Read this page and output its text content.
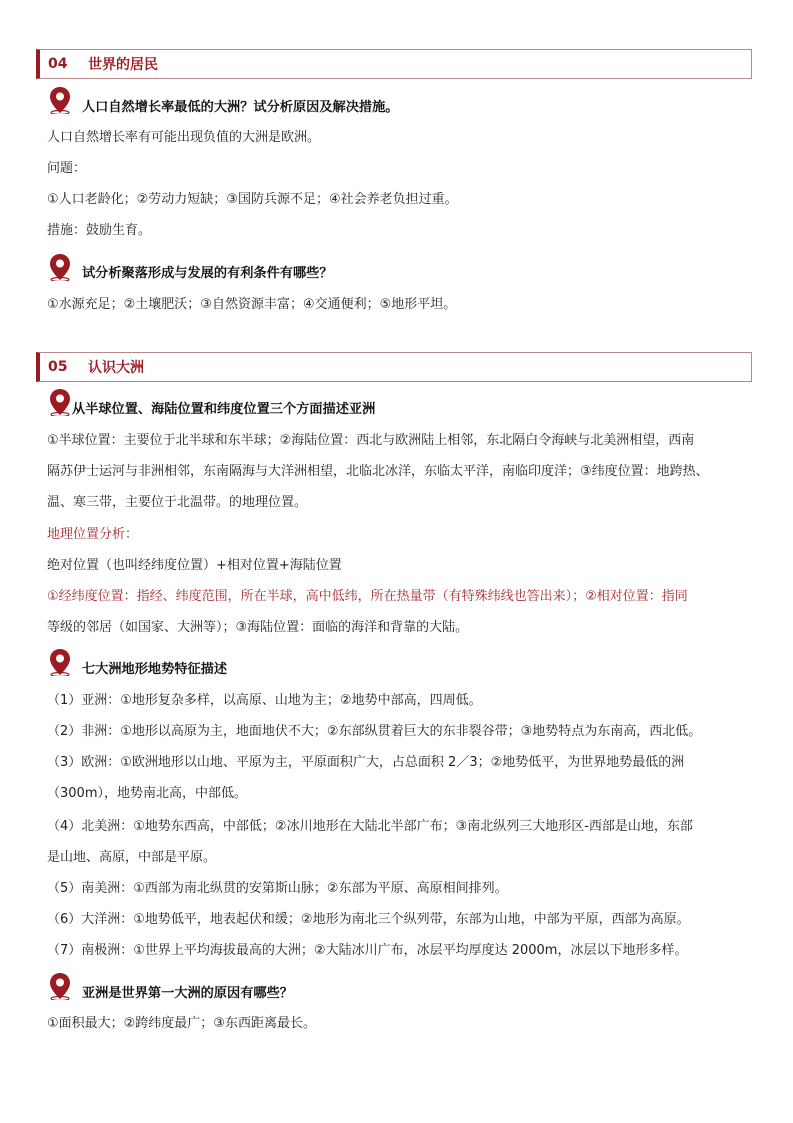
04	世界的居民
人口自然增长率最低的大洲？试分析原因及解决措施。
人口自然增长率有可能出现负值的大洲是欧洲。
问题：
①人口老龄化；②劳动力短缺；③国防兵源不足；④社会养老负担过重。
措施：鼓励生育。
试分析聚落形成与发展的有利条件有哪些？
①水源充足；②土壤肥沃；③自然资源丰富；④交通便利；⑤地形平坦。
05	认识大洲
从半球位置、海陆位置和纬度位置三个方面描述亚洲
①半球位置：主要位于北半球和东半球；②海陆位置：西北与欧洲陆上相邻，东北隔白令海峡与北美洲相望，西南
隔苏伊士运河与非洲相邻，东南隔海与大洋洲相望，北临北冰洋，东临太平洋，南临印度洋；③纬度位置：地跨热、
温、寒三带，主要位于北温带。的地理位置。
地理位置分析：
绝对位置（也叫经纬度位置）+相对位置+海陆位置
①经纬度位置：指经、纬度范围，所在半球，高中低纬，所在热量带（有特殊纬线也答出来）；②相对位置：指同
等级的邻居（如国家、大洲等）；③海陆位置：面临的海洋和背靠的大陆。
七大洲地形地势特征描述
（1）亚洲：①地形复杂多样，以高原、山地为主；②地势中部高，四周低。
（2）非洲：①地形以高原为主，地面地伏不大；②东部纵贯着巨大的东非裂谷带；③地势特点为东南高，西北低。
（3）欧洲：①欧洲地形以山地、平原为主，平原面积广大，占总面积 2／3；②地势低平，为世界地势最低的洲
（300m），地势南北高，中部低。
（4）北美洲：①地势东西高，中部低；②冰川地形在大陆北半部广布；③南北纵列三大地形区-西部是山地，东部
是山地、高原，中部是平原。
（5）南美洲：①西部为南北纵贯的安第斯山脉；②东部为平原、高原相间排列。
（6）大洋洲：①地势低平，地表起伏和缓；②地形为南北三个纵列带，东部为山地，中部为平原，西部为高原。
（7）南极洲：①世界上平均海拔最高的大洲；②大陆冰川广布，冰层平均厚度达 2000m，冰层以下地形多样。
亚洲是世界第一大洲的原因有哪些？
①面积最大；②跨纬度最广；③东西距离最长。
